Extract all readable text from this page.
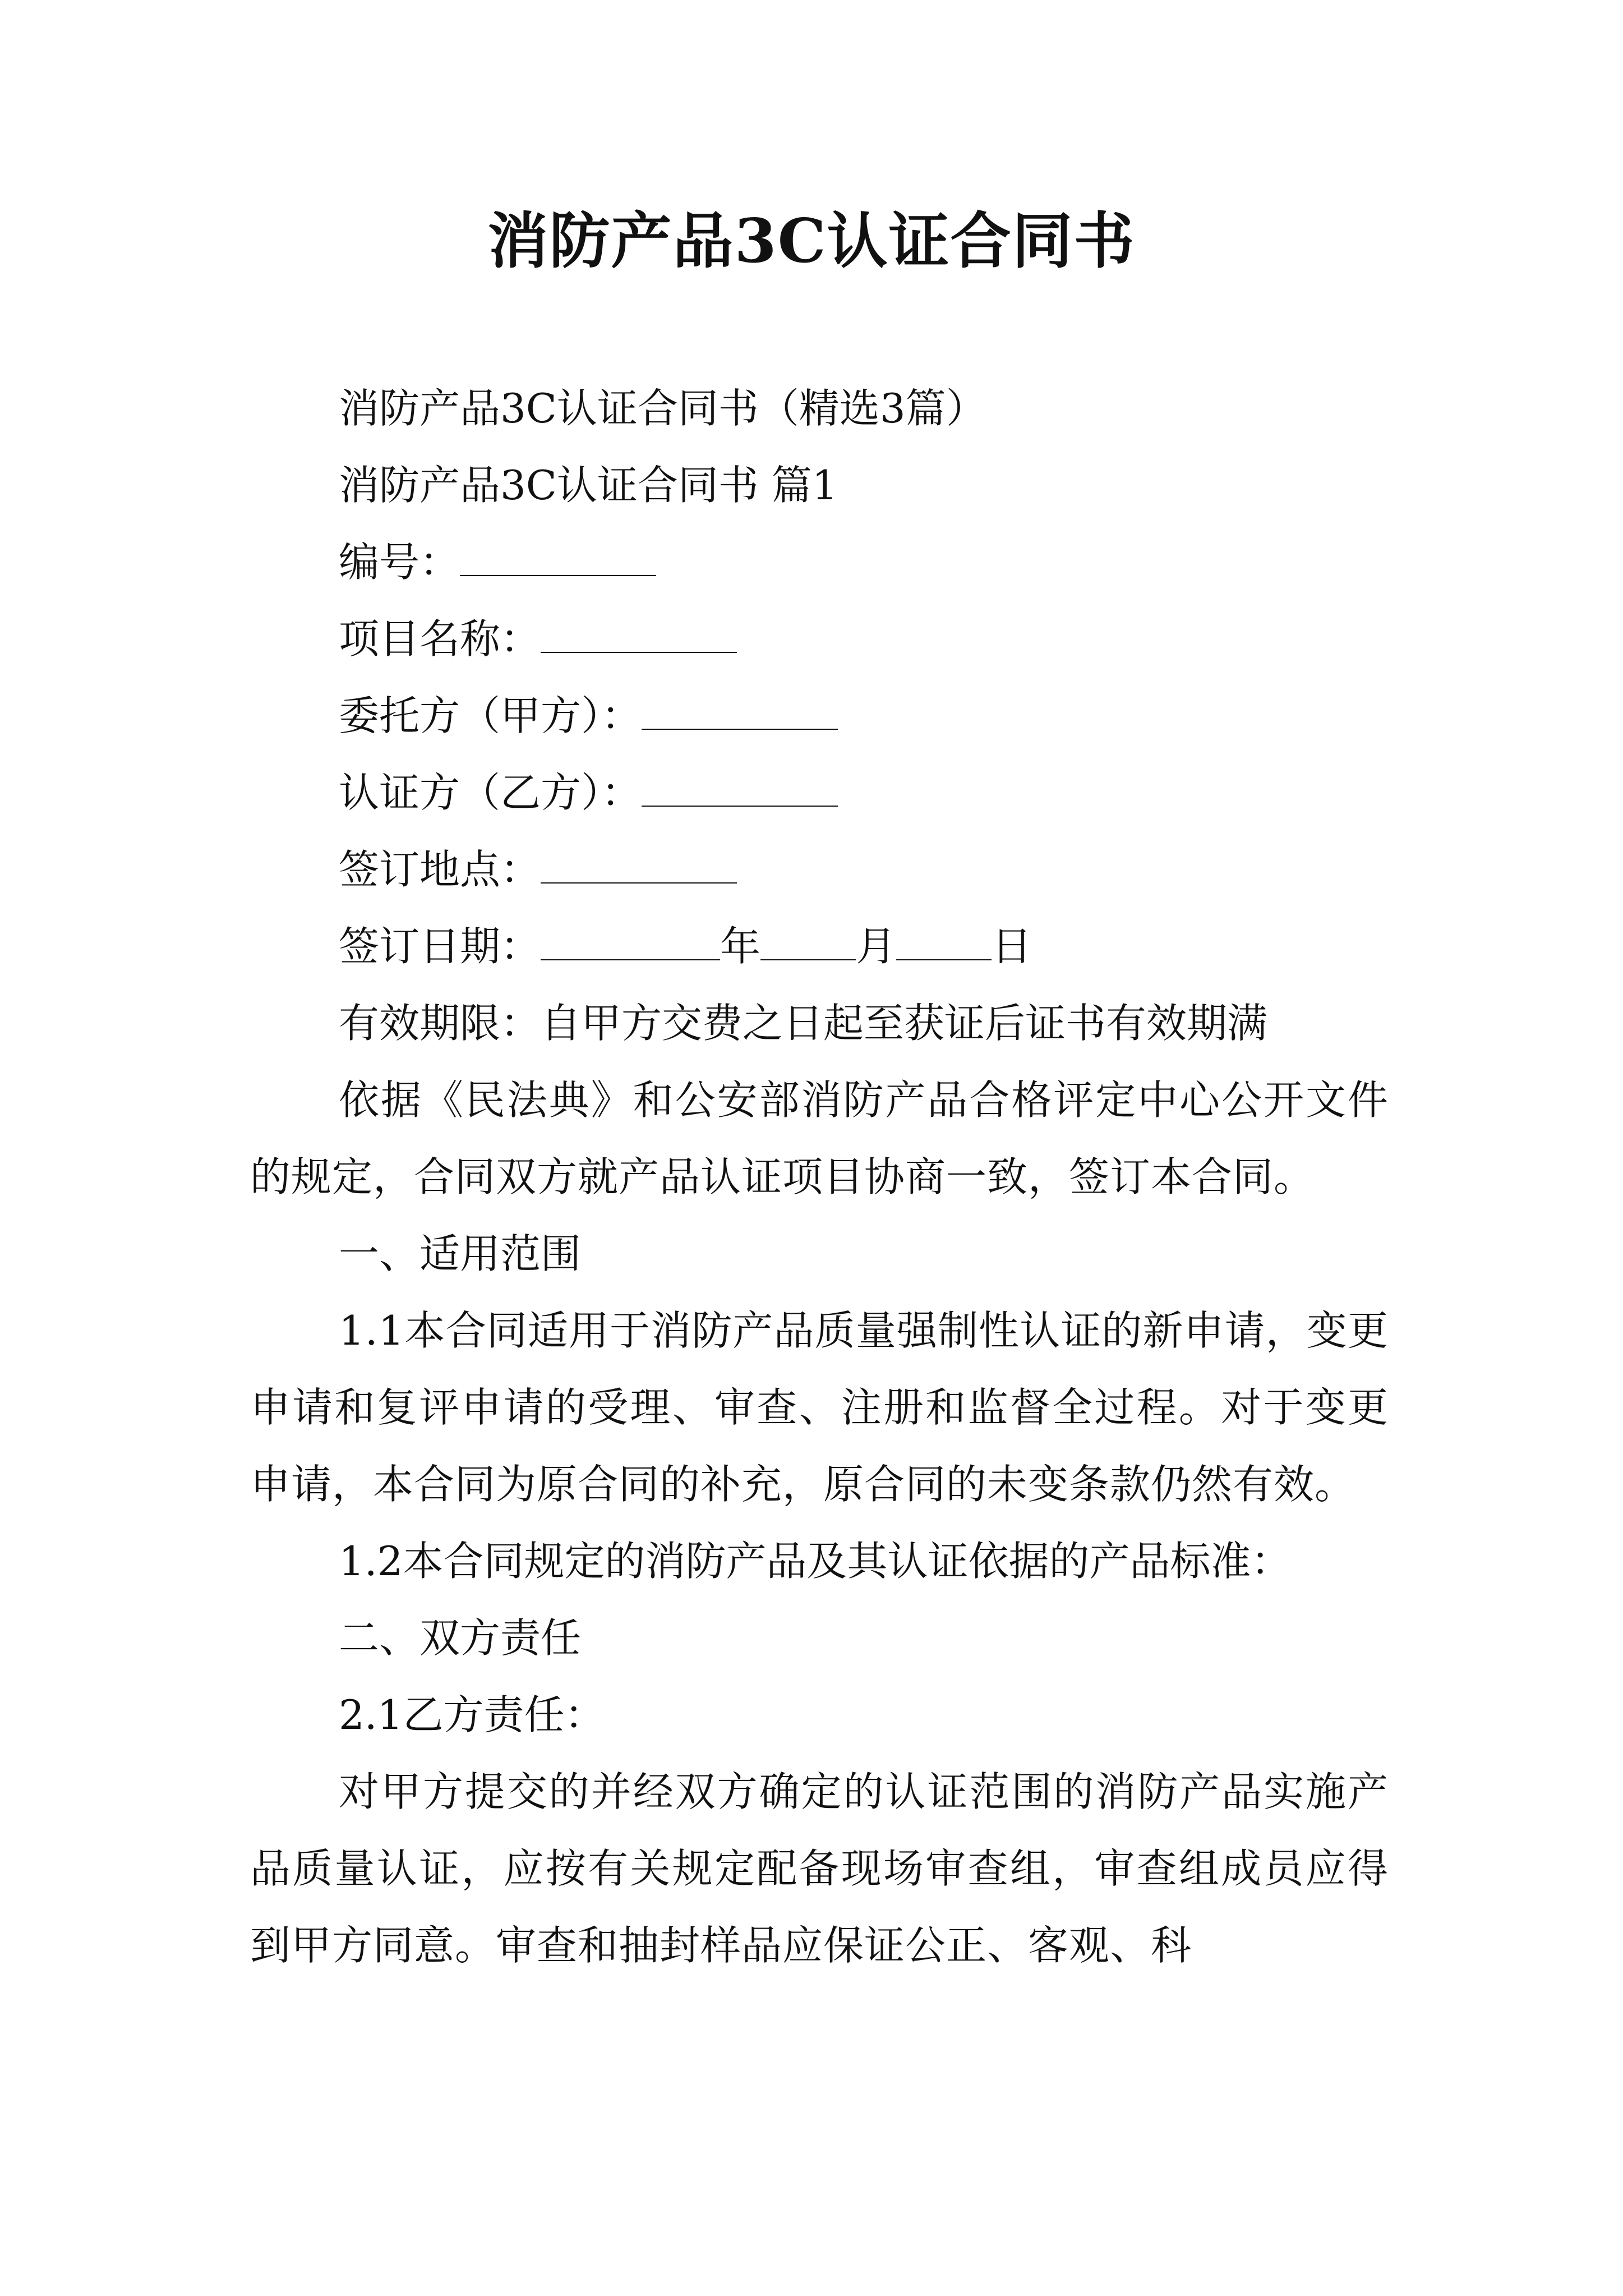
消防产品3C认证合同书
消防产品3C认证合同书（精选3篇）
消防产品3C认证合同书 篇1
编号：
项目名称：
委托方（甲方）：
认证方（乙方）：
签订地点：
签订日期：	年 月 日
有效期限：自甲方交费之日起至获证后证书有效期满
依据《民法典》和公安部消防产品合格评定中心公开文件的规定，合同双方就产品认证项目协商一致，签订本合同。
一、适用范围
1.1本合同适用于消防产品质量强制性认证的新申请，变更申请和复评申请的受理、审查、注册和监督全过程。对于变更申请，本合同为原合同的补充，原合同的未变条款仍然有效。
1.2本合同规定的消防产品及其认证依据的产品标准：
二、双方责任
2.1乙方责任：
对甲方提交的并经双方确定的认证范围的消防产品实施产品质量认证，应按有关规定配备现场审查组，审查组成员应得到甲方同意。审查和抽封样品应保证公正、客观、科
